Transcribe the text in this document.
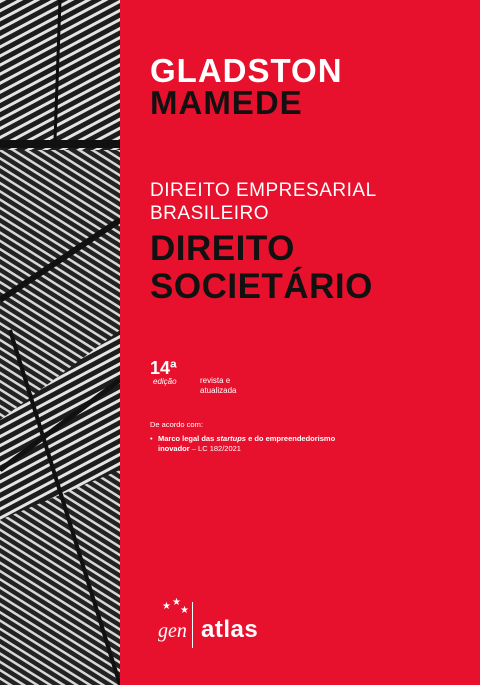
GLADSTON
MAMEDE
DIREITO EMPRESARIAL
BRASILEIRO
DIREITO
SOCIETÁRIO
14ª
edição	revista e
atualizada
De acordo com:
• Marco legal das startups e do empreendedorismo
inovador – LC 182/2021
★ ★
★
gen atlas
